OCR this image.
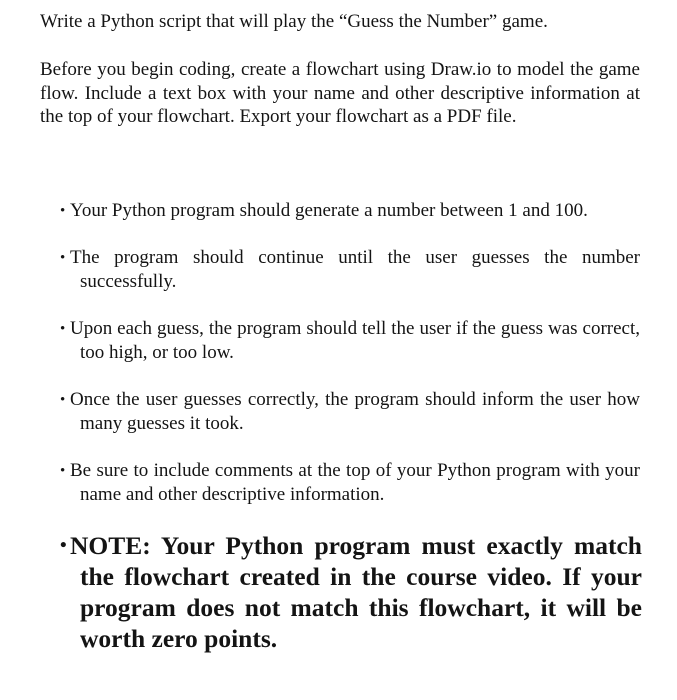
Write a Python script that will play the “Guess the Number” game.

Before you begin coding, create a flowchart using Draw.io to model the game flow. Include a text box with your name and other descriptive information at the top of your flowchart. Export your flowchart as a PDF file.

• Your Python program should generate a number between 1 and 100.
• The program should continue until the user guesses the number successfully.
• Upon each guess, the program should tell the user if the guess was correct, too high, or too low.
• Once the user guesses correctly, the program should inform the user how many guesses it took.
• Be sure to include comments at the top of your Python program with your name and other descriptive information.
• NOTE: Your Python program must exactly match the flowchart created in the course video. If your program does not match this flowchart, it will be worth zero points.
